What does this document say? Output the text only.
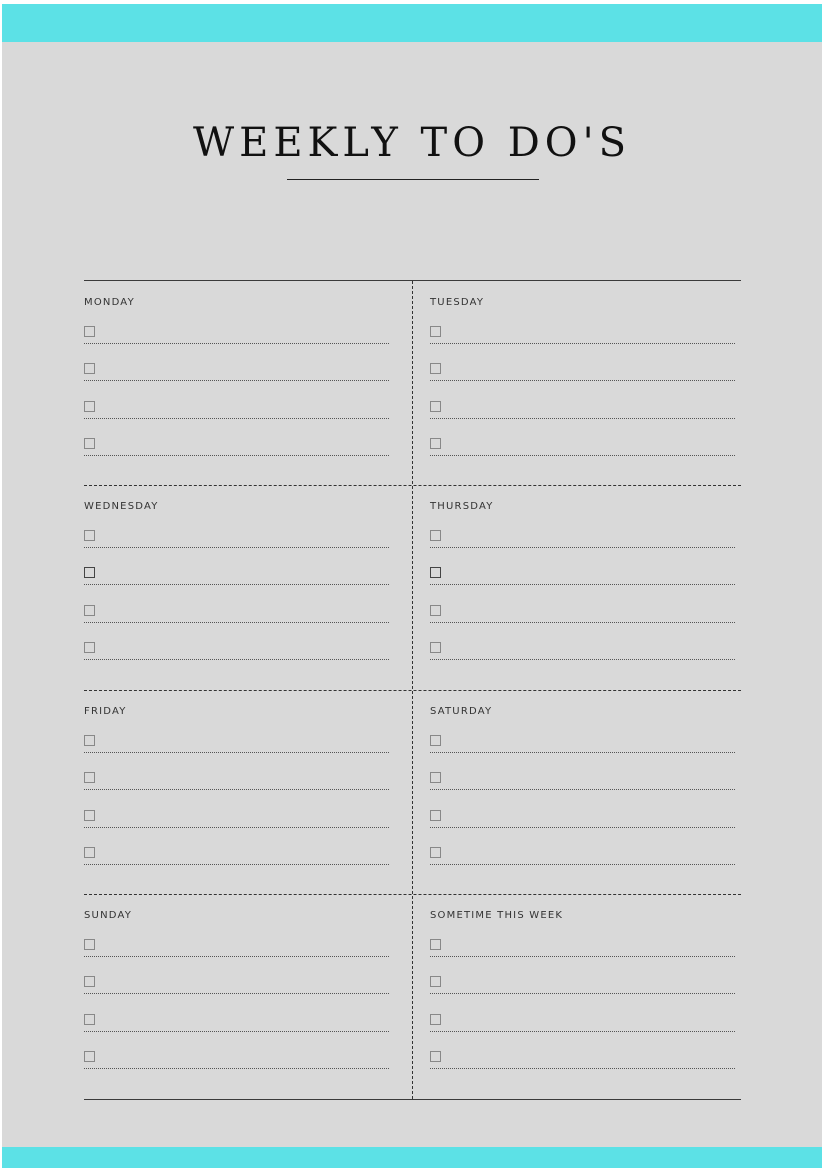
WEEKLY TO DO'S
MONDAY	TUESDAY
WEDNESDAY	THURSDAY
FRIDAY	SATURDAY
SUNDAY	SOMETIME THIS WEEK
